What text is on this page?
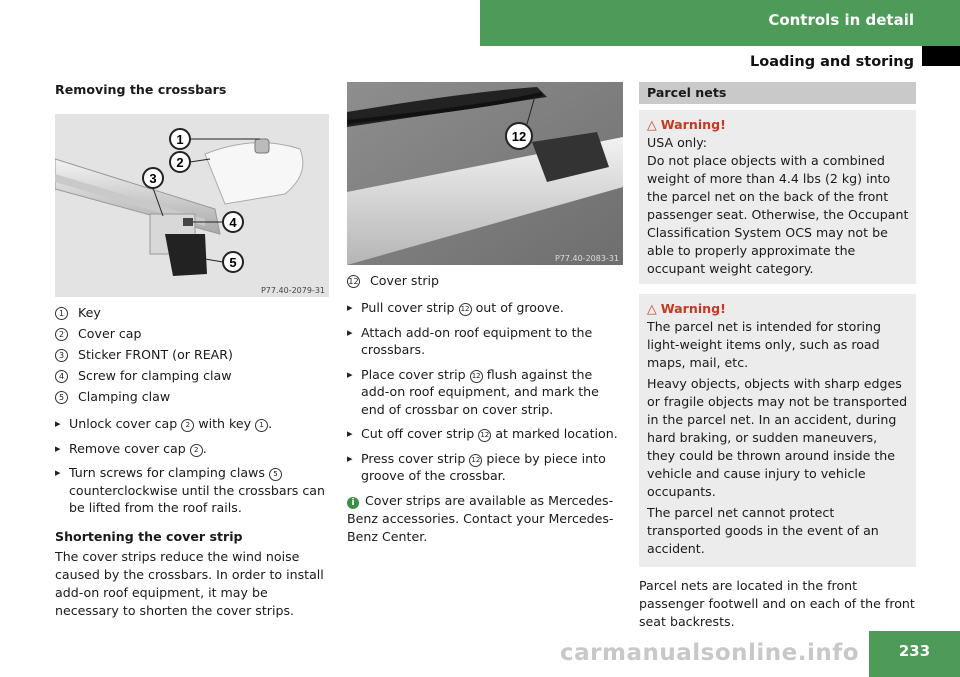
Controls in detail
Loading and storing
Removing the crossbars
1
2
3
4
5
P77.40-2079-31
1	Key
2	Cover cap
3	Sticker FRONT (or REAR)
4	Screw for clamping claw
5	Clamping claw
▸ Unlock cover cap 2 with key 1 .
▸ Remove cover cap 2 .
▸ Turn screws for clamping claws 5 counterclockwise until the crossbars can be lifted from the roof rails.
Shortening the cover strip

The cover strips reduce the wind noise caused by the crossbars. In order to install add-on roof equipment, it may be necessary to shorten the cover strips.

12
P77.40-2083-31
12 Cover strip
▸ Pull cover strip 12 out of groove.
▸ Attach add-on roof equipment to the crossbars.
▸ Place cover strip 12 flush against the add-on roof equipment, and mark the end of crossbar on cover strip.
▸ Cut off cover strip 12 at marked location.
▸ Press cover strip 12 piece by piece into groove of the crossbar.

i Cover strips are available as Mercedes-Benz accessories. Contact your Mercedes-Benz Center.

Parcel nets
△ Warning!

USA only:

Do not place objects with a combined weight of more than 4.4 lbs (2 kg) into the parcel net on the back of the front passenger seat. Otherwise, the Occupant Classification System OCS may not be able to properly approximate the occupant weight category.

△ Warning!

The parcel net is intended for storing light-weight items only, such as road maps, mail, etc.

Heavy objects, objects with sharp edges or fragile objects may not be transported in the parcel net. In an accident, during hard braking, or sudden maneuvers, they could be thrown around inside the vehicle and cause injury to vehicle occupants.

The parcel net cannot protect transported goods in the event of an accident.

Parcel nets are located in the front passenger footwell and on each of the front seat backrests.

carmanualsonline.info	233
